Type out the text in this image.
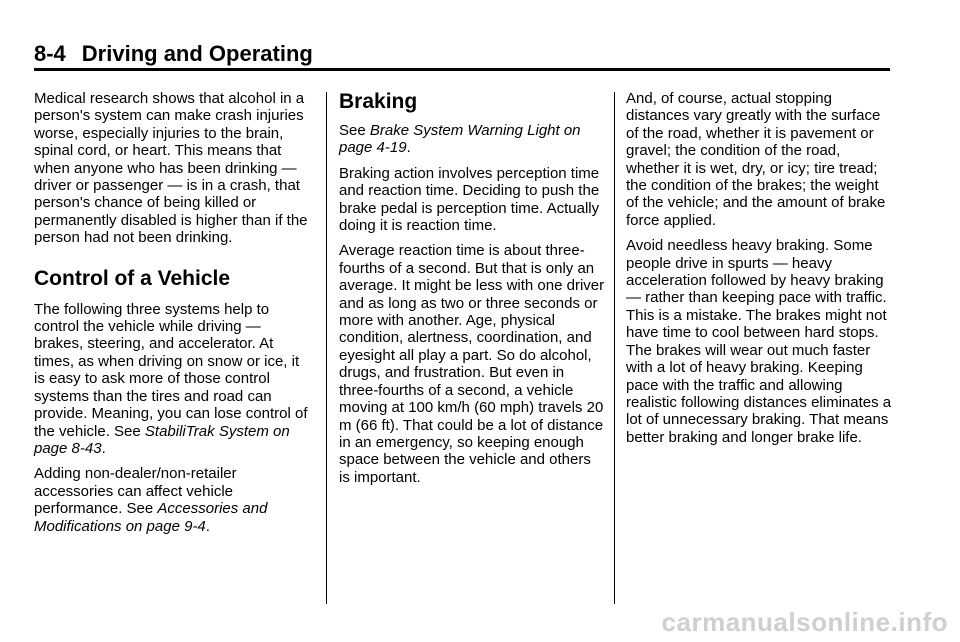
8-4 Driving and Operating

Medical research shows that alcohol in a person's system can make crash injuries worse, especially injuries to the brain, spinal cord, or heart. This means that when anyone who has been drinking — driver or passenger — is in a crash, that person's chance of being killed or permanently disabled is higher than if the person had not been drinking.

Control of a Vehicle

The following three systems help to control the vehicle while driving — brakes, steering, and accelerator. At times, as when driving on snow or ice, it is easy to ask more of those control systems than the tires and road can provide. Meaning, you can lose control of the vehicle. See StabiliTrak System on page 8-43.

Adding non-dealer/non-retailer accessories can affect vehicle performance. See Accessories and Modifications on page 9-4.

Braking

See Brake System Warning Light on page 4-19.

Braking action involves perception time and reaction time. Deciding to push the brake pedal is perception time. Actually doing it is reaction time.

Average reaction time is about three-fourths of a second. But that is only an average. It might be less with one driver and as long as two or three seconds or more with another. Age, physical condition, alertness, coordination, and eyesight all play a part. So do alcohol, drugs, and frustration. But even in three-fourths of a second, a vehicle moving at 100 km/h (60 mph) travels 20 m (66 ft). That could be a lot of distance in an emergency, so keeping enough space between the vehicle and others is important.

And, of course, actual stopping distances vary greatly with the surface of the road, whether it is pavement or gravel; the condition of the road, whether it is wet, dry, or icy; tire tread; the condition of the brakes; the weight of the vehicle; and the amount of brake force applied.

Avoid needless heavy braking. Some people drive in spurts — heavy acceleration followed by heavy braking — rather than keeping pace with traffic. This is a mistake. The brakes might not have time to cool between hard stops. The brakes will wear out much faster with a lot of heavy braking. Keeping pace with the traffic and allowing realistic following distances eliminates a lot of unnecessary braking. That means better braking and longer brake life.

carmanualsonline.info
